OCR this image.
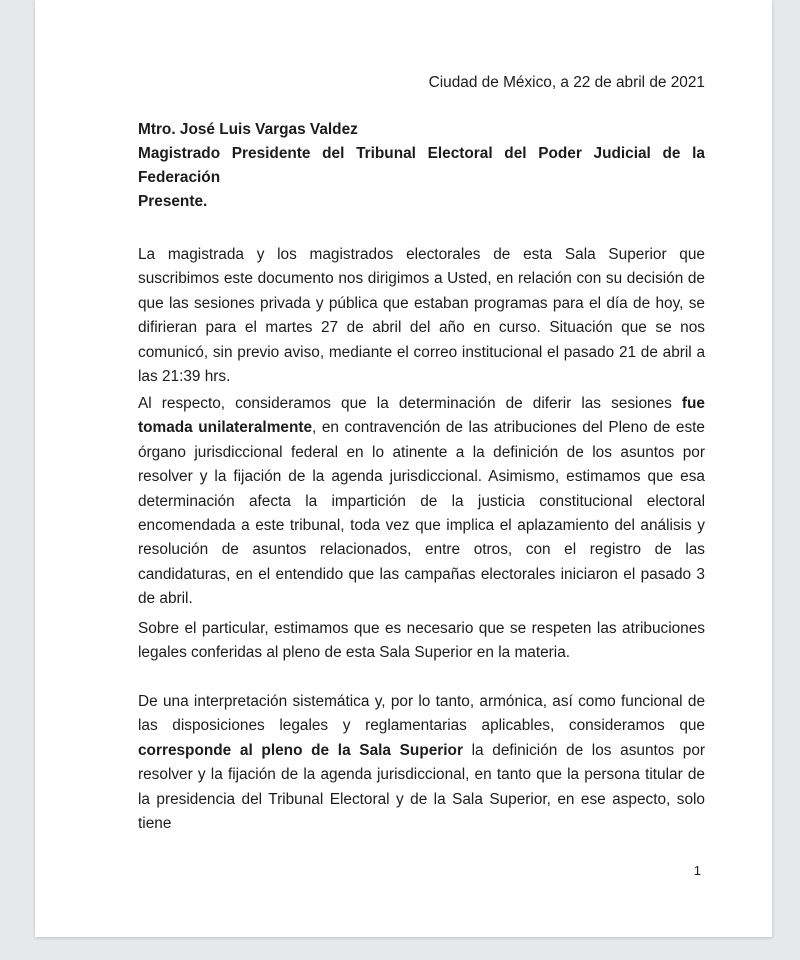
Ciudad de México, a 22 de abril de 2021
Mtro. José Luis Vargas Valdez
Magistrado Presidente del Tribunal Electoral del Poder Judicial de la
Federación
Presente.
La magistrada y los magistrados electorales de esta Sala Superior que suscribimos este documento nos dirigimos a Usted, en relación con su decisión de que las sesiones privada y pública que estaban programas para el día de hoy, se difirieran para el martes 27 de abril del año en curso. Situación que se nos comunicó, sin previo aviso, mediante el correo institucional el pasado 21 de abril a las 21:39 hrs.
Al respecto, consideramos que la determinación de diferir las sesiones fue tomada unilateralmente, en contravención de las atribuciones del Pleno de este órgano jurisdiccional federal en lo atinente a la definición de los asuntos por resolver y la fijación de la agenda jurisdiccional. Asimismo, estimamos que esa determinación afecta la impartición de la justicia constitucional electoral encomendada a este tribunal, toda vez que implica el aplazamiento del análisis y resolución de asuntos relacionados, entre otros, con el registro de las candidaturas, en el entendido que las campañas electorales iniciaron el pasado 3 de abril.
Sobre el particular, estimamos que es necesario que se respeten las atribuciones legales conferidas al pleno de esta Sala Superior en la materia.
De una interpretación sistemática y, por lo tanto, armónica, así como funcional de las disposiciones legales y reglamentarias aplicables, consideramos que corresponde al pleno de la Sala Superior la definición de los asuntos por resolver y la fijación de la agenda jurisdiccional, en tanto que la persona titular de la presidencia del Tribunal Electoral y de la Sala Superior, en ese aspecto, solo tiene
1
